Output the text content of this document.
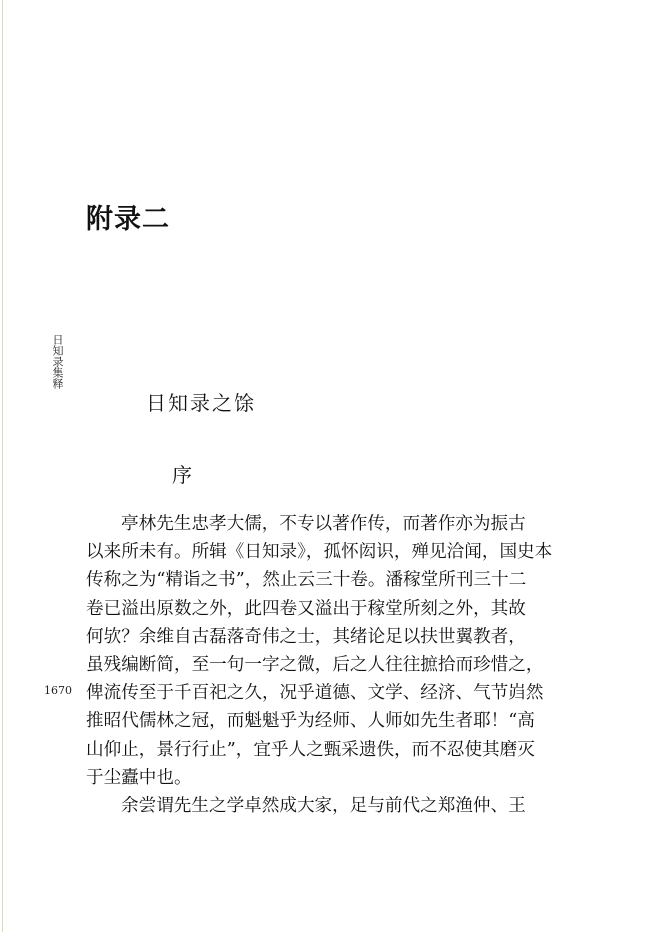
附录二
日知录集释
日知录之馀
序
1670
亭林先生忠孝大儒，不专以著作传，而著作亦为振古
以来所未有。所辑《日知录》，孤怀闳识，殚见洽闻，国史本
传称之为“精诣之书”，然止云三十卷。潘稼堂所刊三十二
卷已溢出原数之外，此四卷又溢出于稼堂所刻之外，其故
何欤？余维自古磊落奇伟之士，其绪论足以扶世翼教者，
虽残编断简，至一句一字之微，后之人往往摭拾而珍惜之，
俾流传至于千百祀之久，况乎道德、文学、经济、气节岿然
推昭代儒林之冠，而魁魁乎为经师、人师如先生者耶！“高
山仰止，景行行止”，宜乎人之甄采遗佚，而不忍使其磨灭
于尘蠹中也。
余尝谓先生之学卓然成大家，足与前代之郑渔仲、王
